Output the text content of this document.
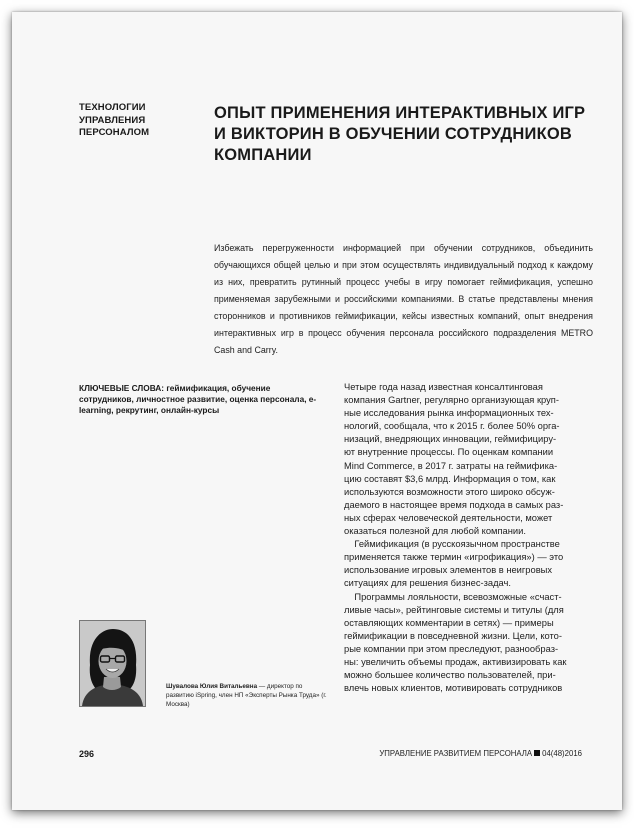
ТЕХНОЛОГИИ
УПРАВЛЕНИЯ
ПЕРСОНАЛОМ
ОПЫТ ПРИМЕНЕНИЯ ИНТЕРАКТИВНЫХ ИГР
И ВИКТОРИН В ОБУЧЕНИИ СОТРУДНИКОВ
КОМПАНИИ
Избежать перегруженности информацией при обучении сотрудников, объединить обучающихся общей целью и при этом осуществлять индивидуальный подход к каждому из них, превратить рутинный процесс учебы в игру помогает геймификация, успешно применяемая зарубежными и российскими компаниями. В статье представлены мнения сторонников и противников геймификации, кейсы известных компаний, опыт внедрения интерактивных игр в процесс обучения персонала российского подразделения METRO Cash and Carry.
КЛЮЧЕВЫЕ СЛОВА: геймификация, обучение сотрудников, личностное развитие, оценка персонала, e-learning, рекрутинг, онлайн-курсы
Четыре года назад известная консалтинговая
компания Gartner, регулярно организующая круп-
ные исследования рынка информационных тех-
нологий, сообщала, что к 2015 г. более 50% орга-
низаций, внедряющих инновации, геймифициру-
ют внутренние процессы. По оценкам компании
Mind Commerce, в 2017 г. затраты на геймифика-
цию составят $3,6 млрд. Информация о том, как
используются возможности этого широко обсуж-
даемого в настоящее время подхода в самых раз-
ных сферах человеческой деятельности, может
оказаться полезной для любой компании.
Геймификация (в русскоязычном пространстве
применяется также термин «игрофикация») — это
использование игровых элементов в неигровых
ситуациях для решения бизнес-задач.
Программы лояльности, всевозможные «счаст-
ливые часы», рейтинговые системы и титулы (для
оставляющих комментарии в сетях) — примеры
геймификации в повседневной жизни. Цели, кото-
рые компании при этом преследуют, разнообраз-
ны: увеличить объемы продаж, активизировать как
можно большее количество пользователей, при-
влечь новых клиентов, мотивировать сотрудников
Шувалова Юлия Витальевна — директор по развитию iSpring, член НП «Эксперты Рынка Труда» (г. Москва)
296	УПРАВЛЕНИЕ РАЗВИТИЕМ ПЕРСОНАЛА 04(48)2016
